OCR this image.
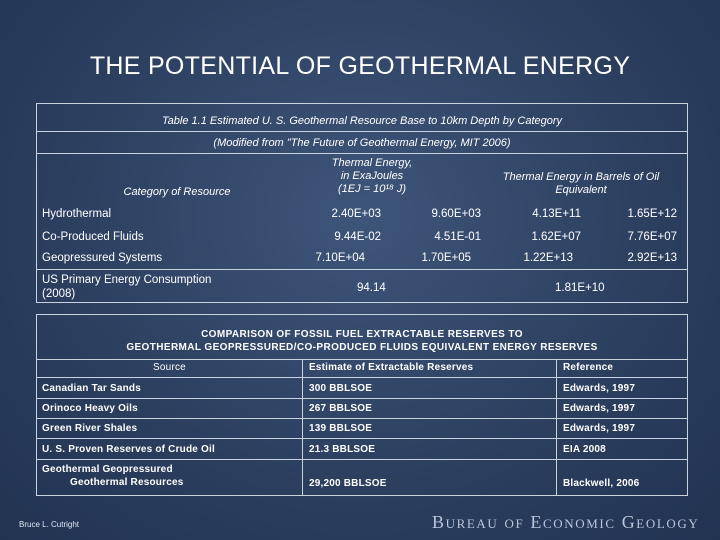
THE POTENTIAL OF GEOTHERMAL ENERGY
Table 1.1 Estimated U. S. Geothermal Resource Base to 10km Depth by Category
(Modified from "The Future of Geothermal Energy, MIT 2006)
Category of Resource
Thermal Energy,
in ExaJoules
(1EJ = 10¹⁸ J)
Thermal Energy in Barrels of Oil Equivalent
Hydrothermal	2.40E+03	9.60E+03	4.13E+11	1.65E+12
Co-Produced Fluids	9.44E-02	4.51E-01	1.62E+07	7.76E+07
Geopressured Systems	7.10E+04	1.70E+05	1.22E+13	2.92E+13
US Primary Energy Consumption
(2008)	94.14	1.81E+10
COMPARISON OF FOSSIL FUEL EXTRACTABLE RESERVES TO
GEOTHERMAL GEOPRESSURED/CO-PRODUCED FLUIDS EQUIVALENT ENERGY RESERVES
Source	Estimate of Extractable Reserves	Reference
Canadian Tar Sands	300 BBLSOE	Edwards, 1997
Orinoco Heavy Oils	267 BBLSOE	Edwards, 1997
Green River Shales	139 BBLSOE	Edwards, 1997
U. S. Proven Reserves of Crude Oil	21.3 BBLSOE	EIA 2008
Geothermal Geopressured
Geothermal Resources	29,200 BBLSOE	Blackwell, 2006
Bruce L. Cutright	Bureau of Economic Geology
